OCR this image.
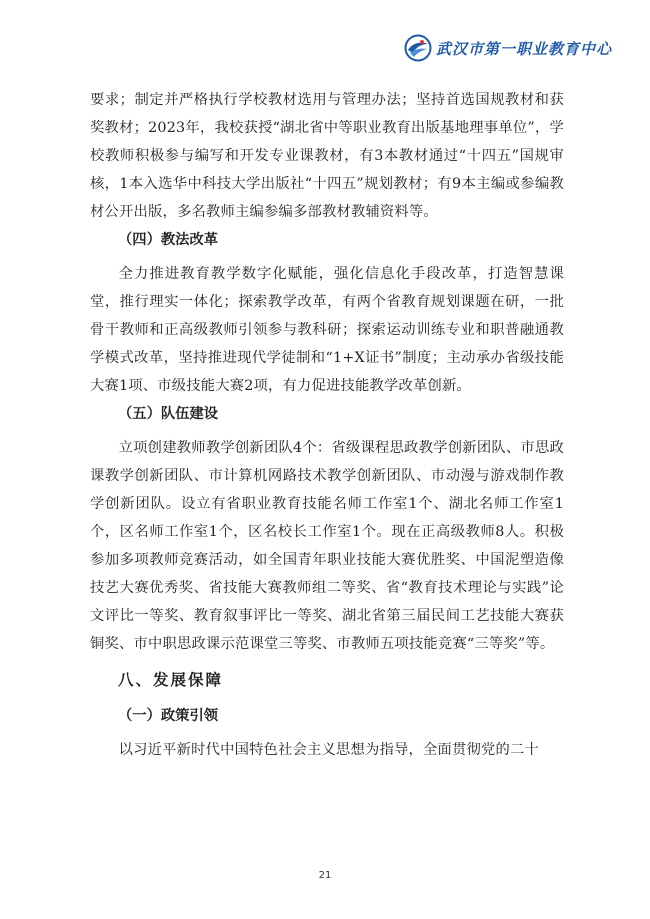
武汉市第一职业教育中心

要求；制定并严格执行学校教材选用与管理办法；坚持首选国规教材和获奖教材；2023年，我校获授“湖北省中等职业教育出版基地理事单位”，学校教师积极参与编写和开发专业课教材，有3本教材通过“十四五”国规审核，1本入选华中科技大学出版社“十四五”规划教材；有9本主编或参编教材公开出版，多名教师主编参编多部教材教辅资料等。

（四）教法改革

全力推进教育教学数字化赋能，强化信息化手段改革，打造智慧课堂，推行理实一体化；探索教学改革，有两个省教育规划课题在研，一批骨干教师和正高级教师引领参与教科研；探索运动训练专业和职普融通教学模式改革，坚持推进现代学徒制和“1+X证书”制度；主动承办省级技能大赛1项、市级技能大赛2项，有力促进技能教学改革创新。

（五）队伍建设

立项创建教师教学创新团队4个：省级课程思政教学创新团队、市思政课教学创新团队、市计算机网路技术教学创新团队、市动漫与游戏制作教学创新团队。设立有省职业教育技能名师工作室1个、湖北名师工作室1个，区名师工作室1个，区名校长工作室1个。现在正高级教师8人。积极参加多项教师竞赛活动，如全国青年职业技能大赛优胜奖、中国泥塑造像技艺大赛优秀奖、省技能大赛教师组二等奖、省“教育技术理论与实践”论文评比一等奖、教育叙事评比一等奖、湖北省第三届民间工艺技能大赛获铜奖、市中职思政课示范课堂三等奖、市教师五项技能竞赛“三等奖”等。

八、发展保障
（一）政策引领

以习近平新时代中国特色社会主义思想为指导，全面贯彻党的二十

21
